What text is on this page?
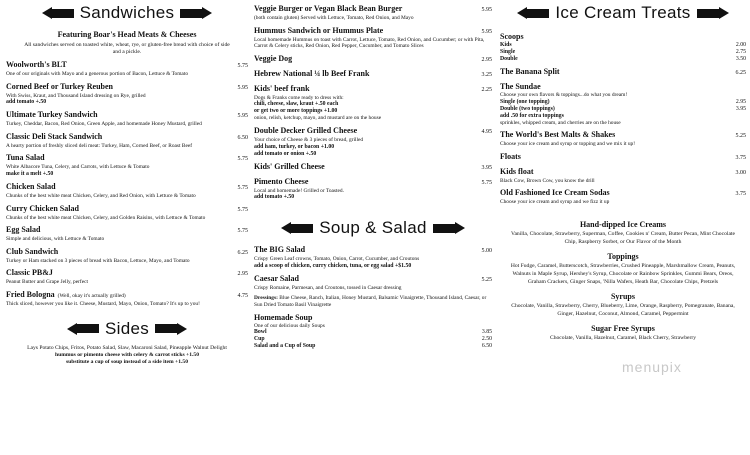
Sandwiches
Featuring Boar's Head Meats & Cheeses
All sandwiches served on toasted white, wheat, rye, or gluten-free bread with choice of side and a pickle.
Woolworth's BLT	5.75
One of our originals with Mayo and a generous portion of Bacon, Lettuce & Tomato
Corned Beef or Turkey Reuben	5.95
With Swiss, Kraut, and Thousand Island dressing on Rye, grilled
add tomato +.50
Ultimate Turkey Sandwich	5.95
Turkey, Cheddar, Bacon, Red Onion, Green Apple, and homemade Honey Mustard, grilled
Classic Deli Stack Sandwich	6.50
A hearty portion of freshly sliced deli meat: Turkey, Ham, Corned Beef, or Roast Beef
Tuna Salad	5.75
White Albacore Tuna, Celery, and Carrots, with Lettuce & Tomato
make it a melt +.50
Chicken Salad	5.75
Chunks of the best white meat Chicken, Celery, and Red Onion, with Lettuce & Tomato
Curry Chicken Salad	5.75
Chunks of the best white meat Chicken, Celery, and Golden Raisins, with Lettuce & Tomato
Egg Salad	5.75
Simple and delicious, with Lettuce & Tomato
Club Sandwich	6.25
Turkey or Ham stacked on 3 pieces of bread with Bacon, Lettuce, Mayo, and Tomato
Classic PB&J	2.95
Peanut Butter and Grape Jelly, perfect
Fried Bologna (Well, okay it's actually grilled)	4.75
Thick sliced, however you like it. Cheese, Mustard, Mayo, Onion, Tomato? It's up to you!
Sides
Lays Potato Chips, Fritos, Potato Salad, Slaw, Macaroni Salad, Pineapple Walnut Delight
hummus or pimento cheese with celery & carrot sticks +1.50
substitute a cup of soup instead of a side item +1.50
Veggie Burger or Vegan Black Bean Burger	5.95
(both contain gluten) Served with Lettuce, Tomato, Red Onion, and Mayo
Hummus Sandwich or Hummus Plate	5.95
Local homemade Hummus on toast with Carrot, Lettuce, Tomato, Red Onion, and Cucumber; or with Pita, Carrot & Celery sticks, Red Onion, Red Pepper, Cucumber, and Tomato Slices
Veggie Dog	2.95
Hebrew National ¼ lb Beef Frank	3.25
Kids' beef frank	2.25
Dogs & Franks come ready to dress with:
chili, cheese, slaw, kraut +.50 each
or get two or more toppings +1.00
onion, relish, ketchup, mayo, and mustard are on the house
Double Decker Grilled Cheese	4.95
Your choice of Cheese & 3 pieces of bread, grilled
add ham, turkey, or bacon +1.00
add tomato or onion +.50
Kids' Grilled Cheese	3.95
Pimento Cheese	5.75
Local and homemade! Grilled or Toasted.
add tomato +.50
Soup & Salad
The BIG Salad	5.00
Crispy Green Leaf crowns, Tomato, Onion, Carrot, Cucumber, and Croutons
add a scoop of chicken, curry chicken, tuna, or egg salad +$1.50
Caesar Salad	5.25
Crispy Romaine, Parmesan, and Croutons, tossed in Caesar dressing
Dressings: Blue Cheese, Ranch, Italian, Honey Mustard, Balsamic Vinaigrette, Thousand Island, Caesar, or Sun Dried Tomato Basil Vinaigrette
Homemade Soup
One of our delicious daily Soups
Bowl	3.85
Cup	2.50
Salad and a Cup of Soup	6.50
Ice Cream Treats
Scoops
Kids	2.00
Single	2.75
Double	3.50
The Banana Split	6.25
The Sundae
Choose your own flavors & toppings...do what you dream!
Single (one topping)	2.95
Double (two toppings)	3.95
add .50 for extra toppings
sprinkles, whipped cream, and cherries are on the house
The World's Best Malts & Shakes	5.25
Choose your ice cream and syrup or topping and we mix it up!
Floats	3.75
Kids float	3.00
Black Cow, Brown Cow, you know the drill
Old Fashioned Ice Cream Sodas	3.75
Choose your ice cream and syrup and we fizz it up
Hand-dipped Ice Creams
Vanilla, Chocolate, Strawberry, Superman, Coffee, Cookies n' Cream, Butter Pecan, Mint Chocolate Chip, Raspberry Sorbet, or Our Flavor of the Month
Toppings
Hot Fudge, Caramel, Butterscotch, Strawberries, Crushed Pineapple, Marshmallow Cream, Peanuts, Walnuts in Maple Syrup, Hershey's Syrup, Chocolate or Rainbow Sprinkles, Gummi Bears, Oreos, Graham Crackers, Ginger Snaps, 'Nilla Wafers, Heath Bar, Chocolate Chips, Pretzels
Syrups
Chocolate, Vanilla, Strawberry, Cherry, Blueberry, Lime, Orange, Raspberry, Pomegranate, Banana, Ginger, Hazelnut, Coconut, Almond, Caramel, Peppermint
Sugar Free Syrups
Chocolate, Vanilla, Hazelnut, Caramel, Black Cherry, Strawberry
menupix
